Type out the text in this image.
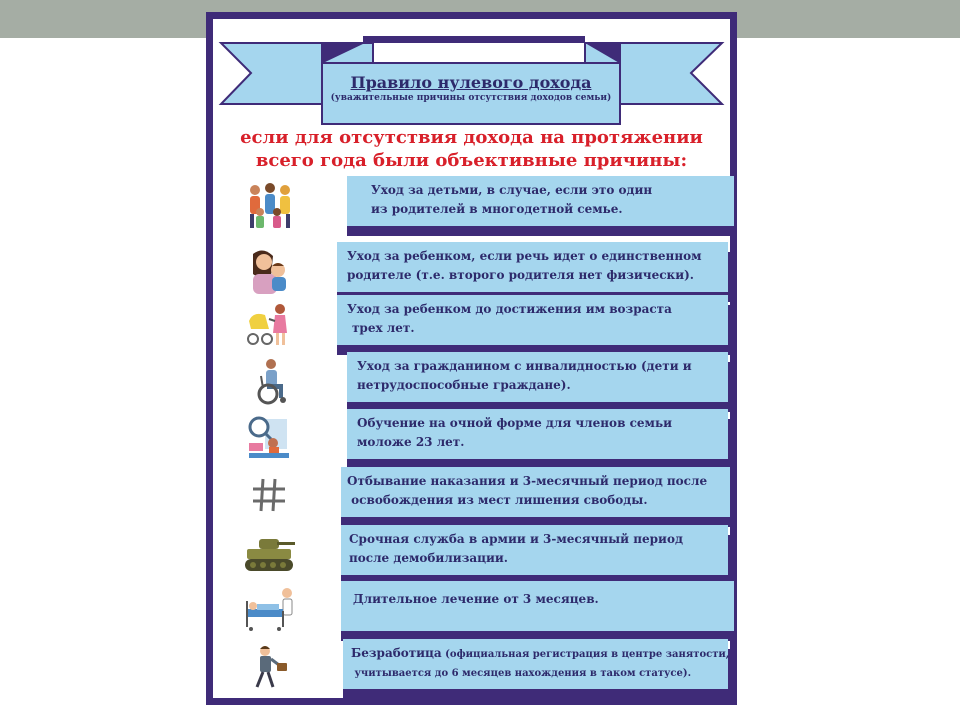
Правило нулевого дохода
(уважительные причины отсутствия доходов семьи)
если для отсутствия дохода на протяжении
всего года были объективные причины:
Уход за детьми, в случае, если это один
из родителей в многодетной семье.
Уход за ребенком, если речь идет о единственном
родителе (т.е. второго родителя нет физически).
Уход за ребенком до достижения им возраста
трех лет.
Уход за гражданином с инвалидностью (дети и
нетрудоспособные граждане).
Обучение на очной форме для членов семьи
моложе 23 лет.
Отбывание наказания и 3-месячный период после
освобождения из мест лишения свободы.
Срочная служба в армии и 3-месячный период
после демобилизации.
Длительное лечение от 3 месяцев.
Безработица (официальная регистрация в центре занятости,
учитывается до 6 месяцев нахождения в таком статусе).
